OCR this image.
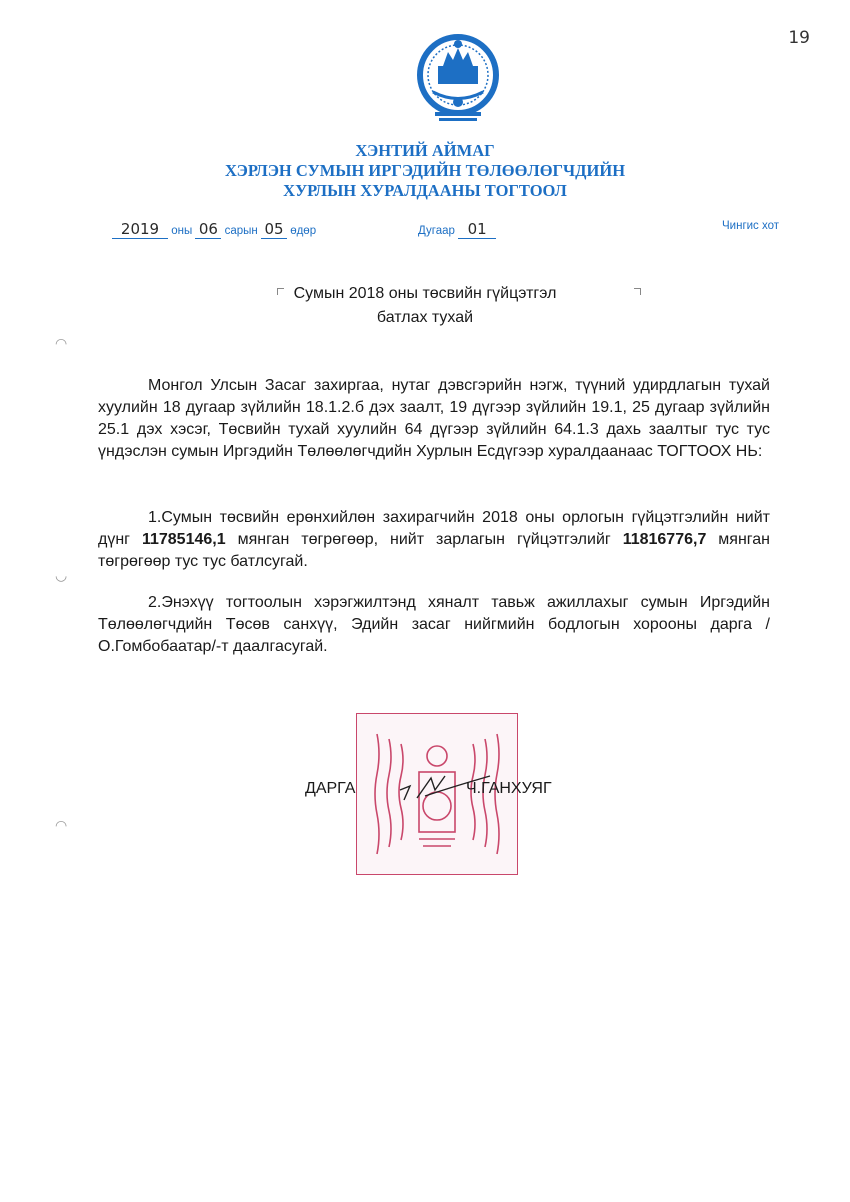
19
ХЭНТИЙ АЙМАГ
ХЭРЛЭН СУМЫН ИРГЭДИЙН ТӨЛӨӨЛӨГЧДИЙН
ХУРЛЫН ХУРАЛДААНЫ ТОГТООЛ
2019 оны 06 сарын 05 өдөр	Дугаар 01	Чингис хот
Сумын 2018 оны төсвийн гүйцэтгэл
батлах тухай

Монгол Улсын Засаг захиргаа, нутаг дэвсгэрийн нэгж, түүний удирдлагын тухай хуулийн 18 дугаар зүйлийн 18.1.2.б дэх заалт, 19 дүгээр зүйлийн 19.1, 25 дугаар зүйлийн 25.1 дэх хэсэг, Төсвийн тухай хуулийн 64 дүгээр зүйлийн 64.1.3 дахь заалтыг тус тус үндэслэн сумын Иргэдийн Төлөөлөгчдийн Хурлын Есдүгээр хуралдаанаас ТОГТООХ НЬ:

1.Сумын төсвийн ерөнхийлөн захирагчийн 2018 оны орлогын гүйцэтгэлийн нийт дүнг 11785146,1 мянган төгрөгөөр, нийт зарлагын гүйцэтгэлийг 11816776,7 мянган төгрөгөөр тус тус батлсугай.

2.Энэхүү тогтоолын хэрэгжилтэнд хяналт тавьж ажиллахыг сумын Иргэдийн Төлөөлөгчдийн Төсөв санхүү, Эдийн засаг нийгмийн бодлогын хорооны дарга /О.Гомбобаатар/-т даалгасугай.

ДАРГА	Ч.ГАНХУЯГ
◠
◡
◠
